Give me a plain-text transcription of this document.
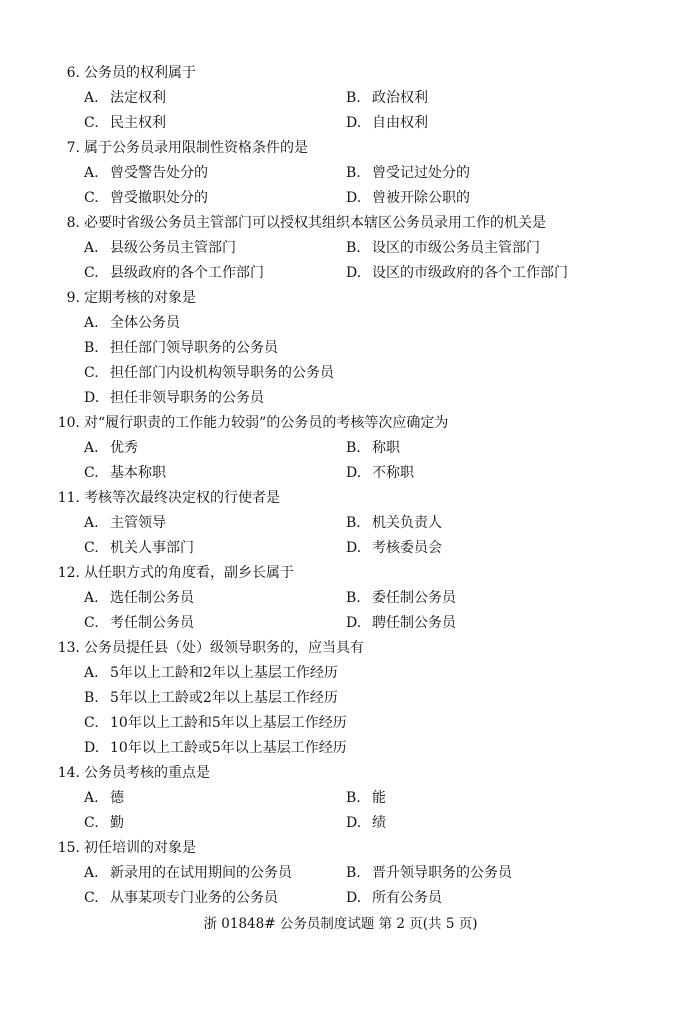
6. 公务员的权利属于
A. 法定权利	B. 政治权利
C. 民主权利	D. 自由权利
7. 属于公务员录用限制性资格条件的是
A. 曾受警告处分的	B. 曾受记过处分的
C. 曾受撤职处分的	D. 曾被开除公职的
8. 必要时省级公务员主管部门可以授权其组织本辖区公务员录用工作的机关是
A. 县级公务员主管部门	B. 设区的市级公务员主管部门
C. 县级政府的各个工作部门	D. 设区的市级政府的各个工作部门
9. 定期考核的对象是
A. 全体公务员
B. 担任部门领导职务的公务员
C. 担任部门内设机构领导职务的公务员
D. 担任非领导职务的公务员
10. 对“履行职责的工作能力较弱”的公务员的考核等次应确定为
A. 优秀	B. 称职
C. 基本称职	D. 不称职
11. 考核等次最终决定权的行使者是
A. 主管领导	B. 机关负责人
C. 机关人事部门	D. 考核委员会
12. 从任职方式的角度看，副乡长属于
A. 选任制公务员	B. 委任制公务员
C. 考任制公务员	D. 聘任制公务员
13. 公务员提任县（处）级领导职务的，应当具有
A. 5年以上工龄和2年以上基层工作经历
B. 5年以上工龄或2年以上基层工作经历
C. 10年以上工龄和5年以上基层工作经历
D. 10年以上工龄或5年以上基层工作经历
14. 公务员考核的重点是
A. 德	B. 能
C. 勤	D. 绩
15. 初任培训的对象是
A. 新录用的在试用期间的公务员	B. 晋升领导职务的公务员
C. 从事某项专门业务的公务员	D. 所有公务员
浙 01848# 公务员制度试题 第 2 页(共 5 页)
